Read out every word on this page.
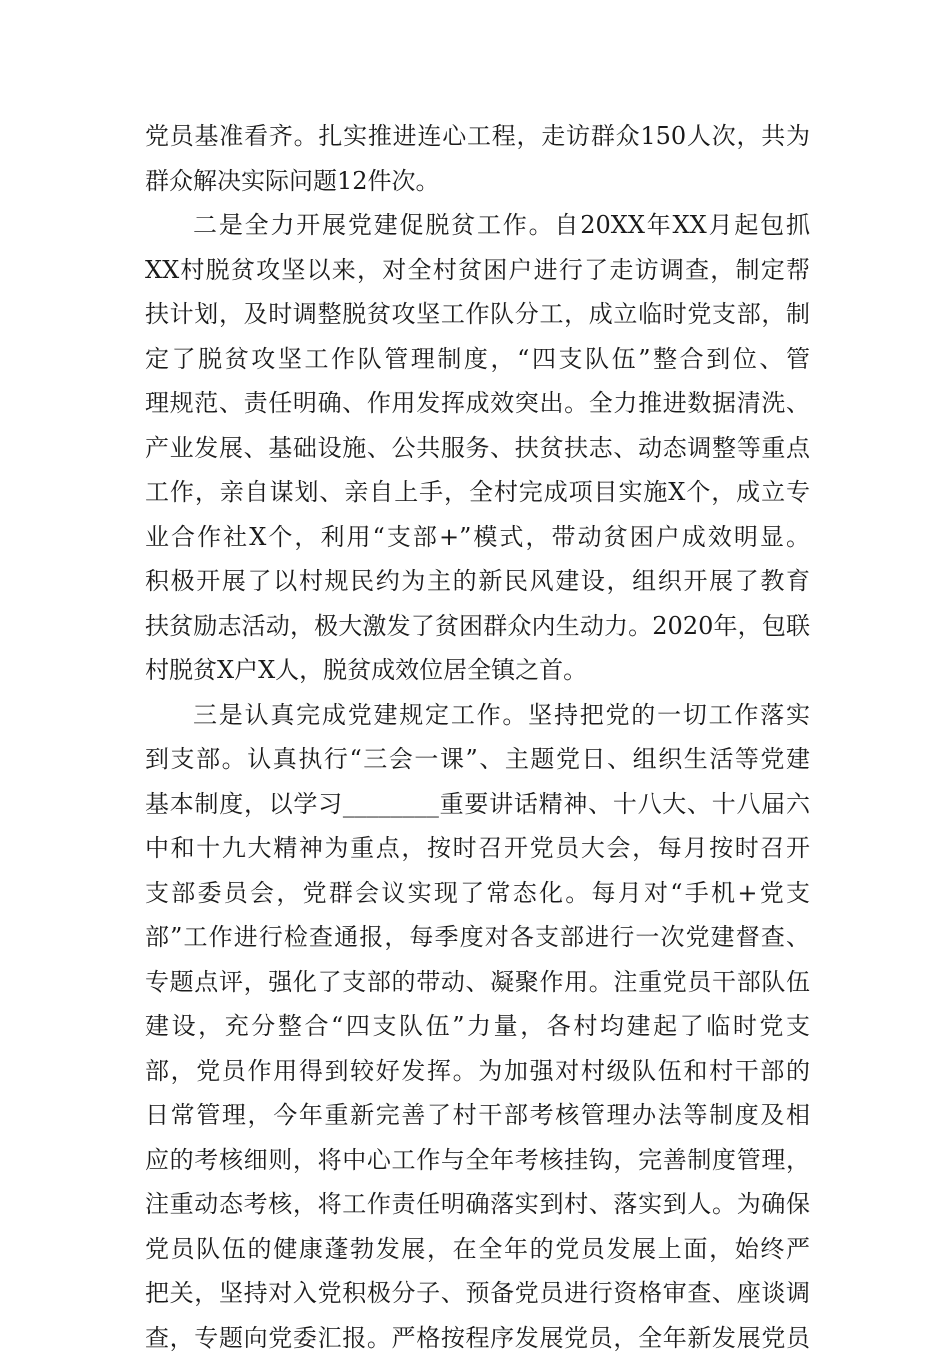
党员基准看齐。扎实推进连心工程，走访群众150人次，共为
群众解决实际问题12件次。
二是全力开展党建促脱贫工作。自20XX年XX月起包抓
XX村脱贫攻坚以来，对全村贫困户进行了走访调查，制定帮
扶计划，及时调整脱贫攻坚工作队分工，成立临时党支部，制
定了脱贫攻坚工作队管理制度，“四支队伍”整合到位、管
理规范、责任明确、作用发挥成效突出。全力推进数据清洗、
产业发展、基础设施、公共服务、扶贫扶志、动态调整等重点
工作，亲自谋划、亲自上手，全村完成项目实施X个，成立专
业合作社X个，利用“支部+”模式，带动贫困户成效明显。
积极开展了以村规民约为主的新民风建设，组织开展了教育
扶贫励志活动，极大激发了贫困群众内生动力。2020年，包联
村脱贫X户X人，脱贫成效位居全镇之首。
三是认真完成党建规定工作。坚持把党的一切工作落实
到支部。认真执行“三会一课”、主题党日、组织生活等党建
基本制度，以学习________重要讲话精神、十八大、十八届六
中和十九大精神为重点，按时召开党员大会，每月按时召开
支部委员会，党群会议实现了常态化。每月对“手机+党支
部”工作进行检查通报，每季度对各支部进行一次党建督查、
专题点评，强化了支部的带动、凝聚作用。注重党员干部队伍
建设，充分整合“四支队伍”力量，各村均建起了临时党支
部，党员作用得到较好发挥。为加强对村级队伍和村干部的
日常管理，今年重新完善了村干部考核管理办法等制度及相
应的考核细则，将中心工作与全年考核挂钩，完善制度管理，
注重动态考核，将工作责任明确落实到村、落实到人。为确保
党员队伍的健康蓬勃发展，在全年的党员发展上面，始终严
把关，坚持对入党积极分子、预备党员进行资格审查、座谈调
查，专题向党委汇报。严格按程序发展党员，全年新发展党员
